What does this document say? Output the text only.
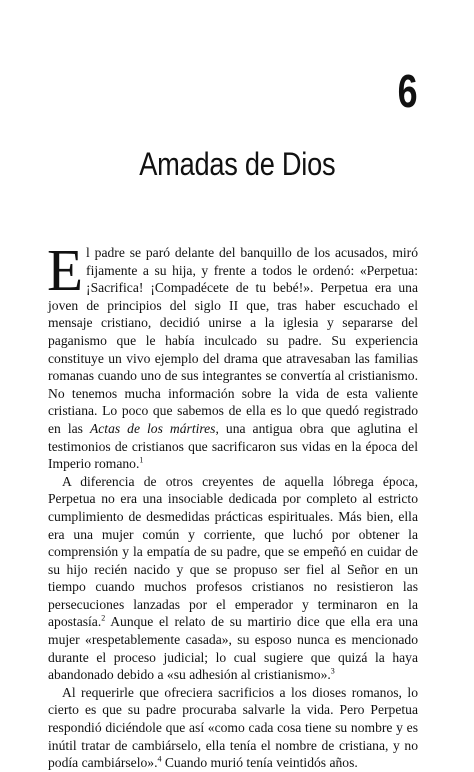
6
Amadas de Dios

El padre se paró delante del banquillo de los acusados, miró fijamente a su hija, y frente a todos le ordenó: «Perpetua: ¡Sacrifica! ¡Compadécete de tu bebé!». Perpetua era una joven de principios del siglo II que, tras haber escuchado el mensaje cristiano, decidió unirse a la iglesia y separarse del paganismo que le había inculcado su padre. Su experiencia constituye un vivo ejemplo del drama que atravesaban las familias romanas cuando uno de sus integrantes se convertía al cristianismo. No tenemos mucha información sobre la vida de esta valiente cristiana. Lo poco que sabemos de ella es lo que quedó registrado en las Actas de los mártires, una antigua obra que aglutina el testimonios de cristianos que sacrificaron sus vidas en la época del Imperio romano.$^1$

A diferencia de otros creyentes de aquella lóbrega época, Perpetua no era una insociable dedicada por completo al estricto cumplimiento de desmedidas prácticas espirituales. Más bien, ella era una mujer común y corriente, que luchó por obtener la comprensión y la empatía de su padre, que se empeñó en cuidar de su hijo recién nacido y que se propuso ser fiel al Señor en un tiempo cuando muchos profesos cristianos no resistieron las persecuciones lanzadas por el emperador y terminaron en la apostasía.$^2$ Aunque el relato de su martirio dice que ella era una mujer «respetablemente casada», su esposo nunca es mencionado durante el proceso judicial; lo cual sugiere que quizá la haya abandonado debido a «su adhesión al cristianismo».$^3$

Al requerirle que ofreciera sacrificios a los dioses romanos, lo cierto es que su padre procuraba salvarle la vida. Pero Perpetua respondió diciéndole que así «como cada cosa tiene su nombre y es inútil tratar de cambiárselo, ella tenía el nombre de cristiana, y no podía cambiárselo».$^4$ Cuando murió tenía veintidós años.
